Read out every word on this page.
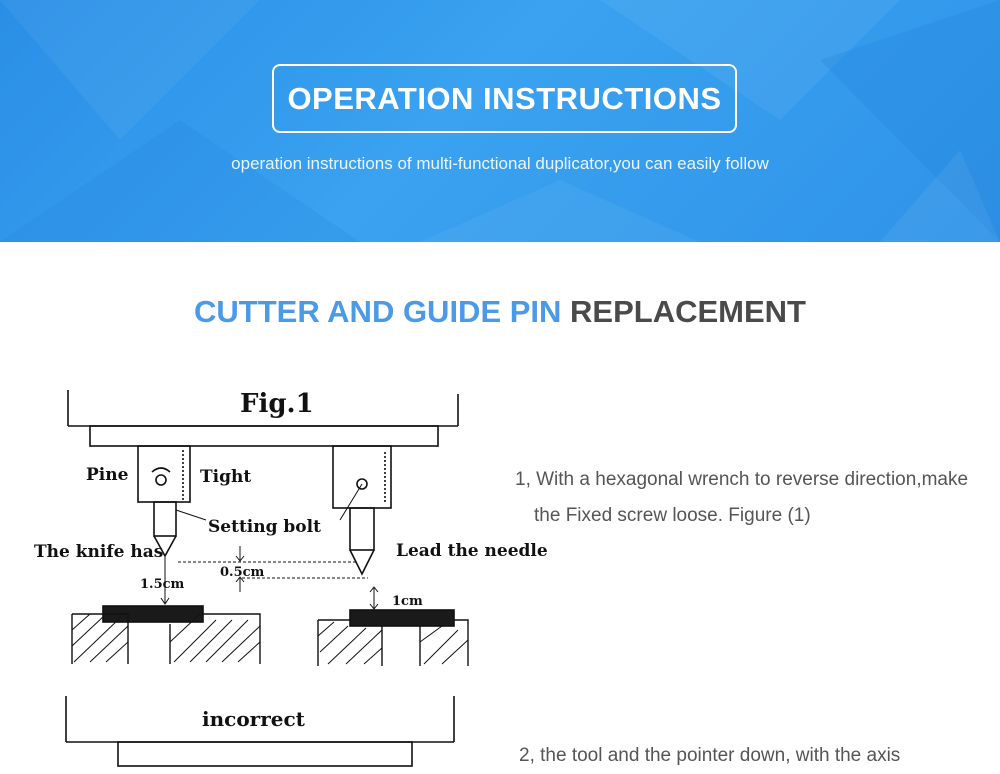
OPERATION INSTRUCTIONS
operation instructions of multi-functional duplicator,you can easily follow
CUTTER AND GUIDE PIN REPLACEMENT
Fig.1
Pine	Tight
Setting bolt
The knife has	Lead the needle
0.5cm
1.5cm
1cm
incorrect
1, With a hexagonal wrench to reverse direction,make
the Fixed screw loose. Figure (1)
2, the tool and the pointer down, with the axis
